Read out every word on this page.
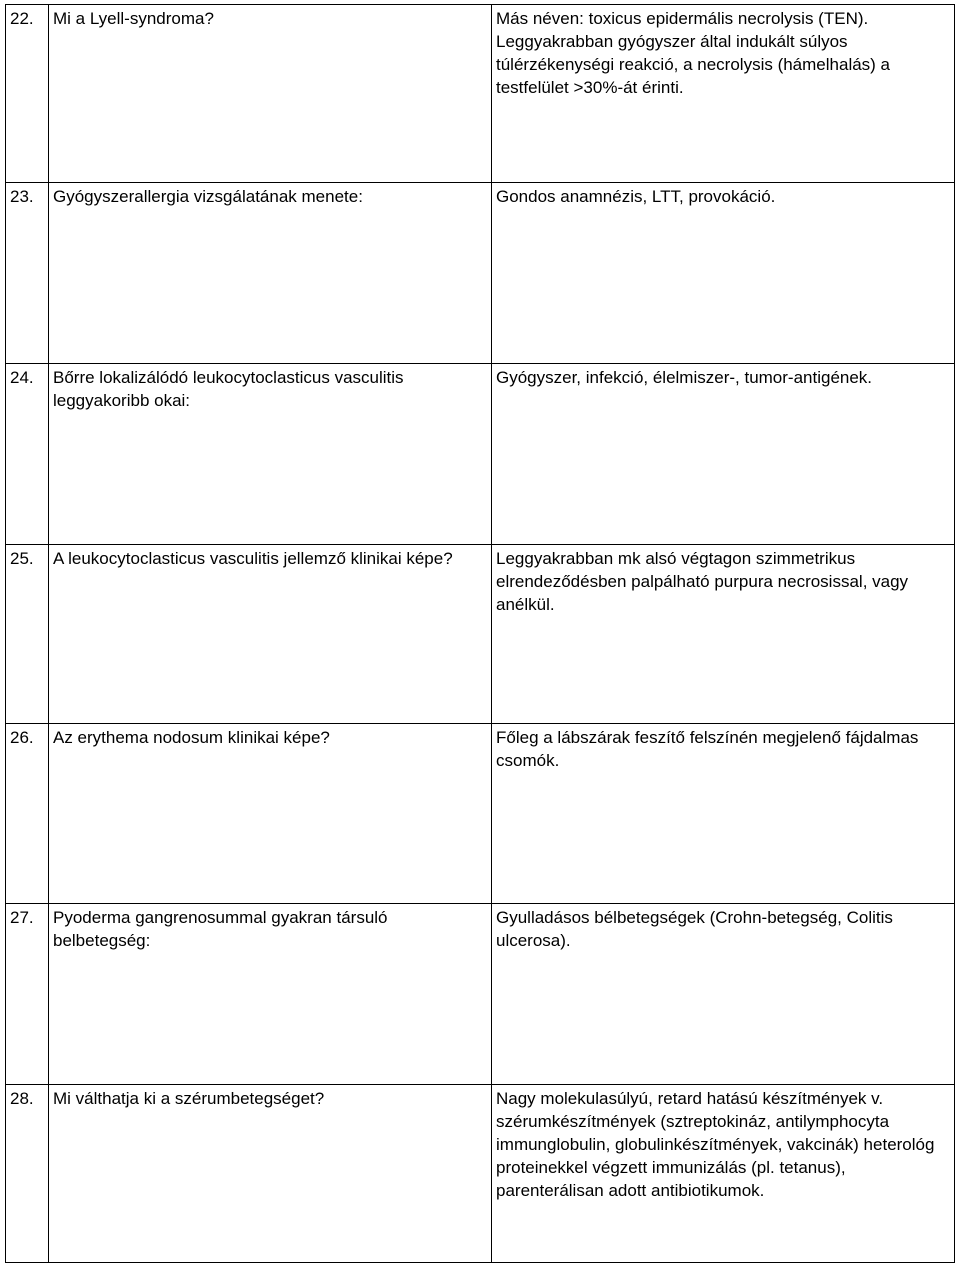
22.	Mi a Lyell-syndroma?	Más néven: toxicus epidermális necrolysis (TEN). Leggyakrabban gyógyszer által indukált súlyos túlérzékenységi reakció, a necrolysis (hámelhalás) a testfelület >30%-át érinti.
23.	Gyógyszerallergia vizsgálatának menete:	Gondos anamnézis, LTT, provokáció.
24.	Bőrre lokalizálódó leukocytoclasticus vasculitis leggyakoribb okai:	Gyógyszer, infekció, élelmiszer-, tumor-antigének.
25.	A leukocytoclasticus vasculitis jellemző klinikai képe?	Leggyakrabban mk alsó végtagon szimmetrikus elrendeződésben palpálható purpura necrosissal, vagy anélkül.
26.	Az erythema nodosum klinikai képe?	Főleg a lábszárak feszítő felszínén megjelenő fájdalmas csomók.
27.	Pyoderma gangrenosummal gyakran társuló belbetegség:	Gyulladásos bélbetegségek (Crohn-betegség, Colitis ulcerosa).
28.	Mi válthatja ki a szérumbetegséget?	Nagy molekulasúlyú, retard hatású készítmények v. szérumkészítmények (sztreptokináz, antilymphocyta immunglobulin, globulinkészítmények, vakcinák) heterológ proteinekkel végzett immunizálás (pl. tetanus), parenterálisan adott antibiotikumok.
